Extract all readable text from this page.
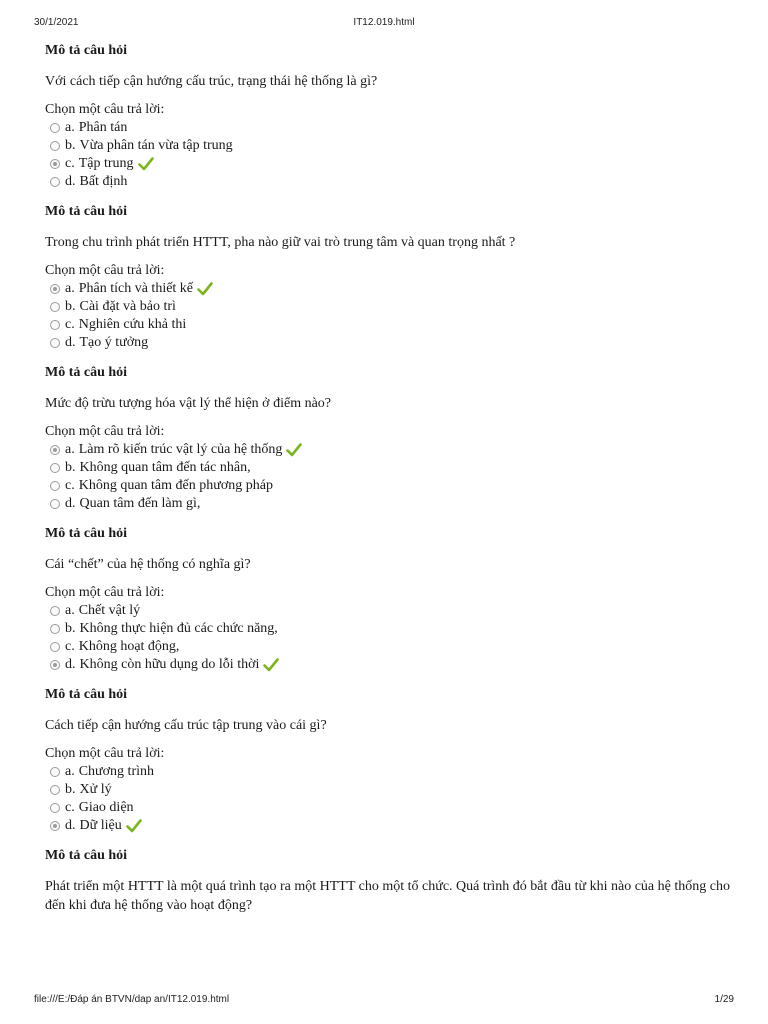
30/1/2021	IT12.019.html
Mô tả câu hỏi
Với cách tiếp cận hướng cấu trúc, trạng thái hệ thống là gì?
Chọn một câu trả lời:
a. Phân tán
b. Vừa phân tán vừa tập trung
c. Tập trung
d. Bất định
Mô tả câu hỏi
Trong chu trình phát triển HTTT, pha nào giữ vai trò trung tâm và quan trọng nhất ?
Chọn một câu trả lời:
a. Phân tích và thiết kế
b. Cài đặt và bảo trì
c. Nghiên cứu khả thi
d. Tạo ý tưởng
Mô tả câu hỏi
Mức độ trừu tượng hóa vật lý thể hiện ở điểm nào?
Chọn một câu trả lời:
a. Làm rõ kiến trúc vật lý của hệ thống
b. Không quan tâm đến tác nhân,
c. Không quan tâm đến phương pháp
d. Quan tâm đến làm gì,
Mô tả câu hỏi
Cái “chết” của hệ thống có nghĩa gì?
Chọn một câu trả lời:
a. Chết vật lý
b. Không thực hiện đủ các chức năng,
c. Không hoạt động,
d. Không còn hữu dụng do lỗi thời
Mô tả câu hỏi
Cách tiếp cận hướng cấu trúc tập trung vào cái gì?
Chọn một câu trả lời:
a. Chương trình
b. Xử lý
c. Giao diện
d. Dữ liệu
Mô tả câu hỏi
Phát triển một HTTT là một quá trình tạo ra một HTTT cho một tổ chức. Quá trình đó bắt đầu từ khi nào của hệ thống cho đến khi đưa hệ thống vào hoạt động?
file:///E:/Đáp án BTVN/dap an/IT12.019.html	1/29
